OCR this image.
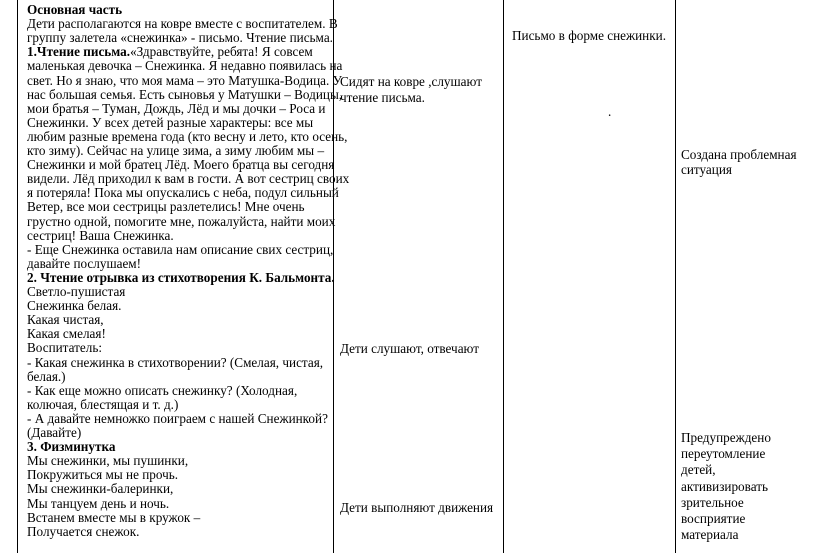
Основная часть
Дети располагаются на ковре вместе с воспитателем. В
группу залетела «снежинка» - письмо. Чтение письма.
1.Чтение письма.«Здравствуйте, ребята! Я совсем
маленькая девочка – Снежинка. Я недавно появилась на
свет. Но я знаю, что моя мама – это Матушка-Водица. У
нас большая семья. Есть сыновья у Матушки – Водицы,
мои братья – Туман, Дождь, Лёд и мы дочки – Роса и
Снежинки. У всех детей разные характеры: все мы
любим разные времена года (кто весну и лето, кто осень,
кто зиму). Сейчас на улице зима, а зиму любим мы –
Снежинки и мой братец Лёд. Моего братца вы сегодня
видели. Лёд приходил к вам в гости. А вот сестриц своих
я потеряла! Пока мы опускались с неба, подул сильный
Ветер, все мои сестрицы разлетелись! Мне очень
грустно одной, помогите мне, пожалуйста, найти моих
сестриц! Ваша Снежинка.
- Еще Снежинка оставила нам описание свих сестриц,
давайте послушаем!
2. Чтение отрывка из стихотворения К. Бальмонта.
Светло-пушистая
Снежинка белая.
Какая чистая,
Какая смелая!
Воспитатель:
- Какая снежинка в стихотворении? (Смелая, чистая,
белая.)
- Как еще можно описать снежинку? (Холодная,
колючая, блестящая и т. д.)
- А давайте немножко поиграем с нашей Снежинкой?
(Давайте)
3. Физминутка
Мы снежинки, мы пушинки,
Покружиться мы не прочь.
Мы снежинки-балеринки,
Мы танцуем день и ночь.
Встанем вместе мы в кружок –
Получается снежок.
Сидят на ковре ,слушают
чтение письма.
Дети слушают, отвечают
Дети выполняют движения
Письмо в форме снежинки.
.
Создана проблемная
ситуация
Предупреждено
переутомление
детей,
активизировать
зрительное
восприятие
материала
